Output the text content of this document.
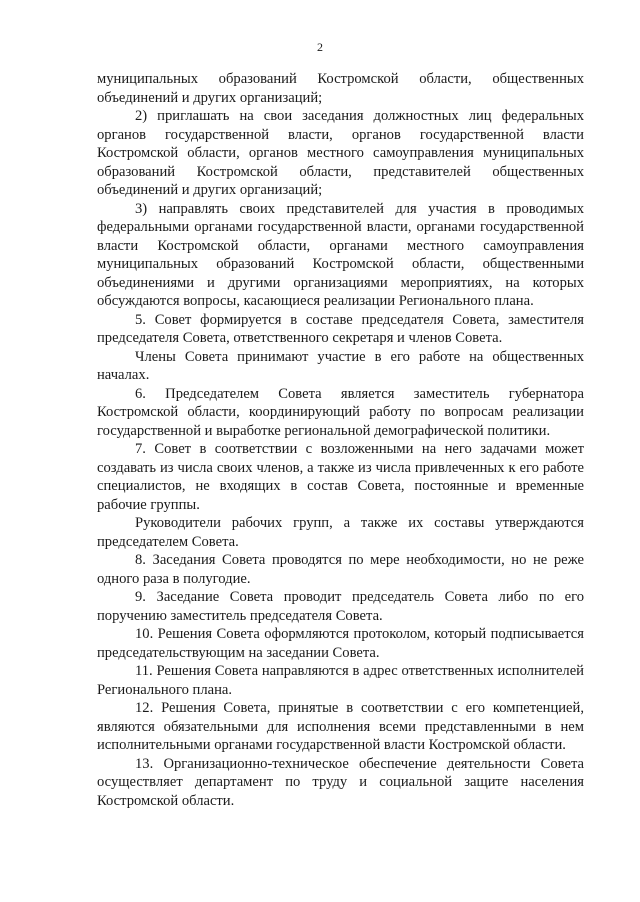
2

муниципальных образований Костромской области, общественных объединений и других организаций;

2) приглашать на свои заседания должностных лиц федеральных органов государственной власти, органов государственной власти Костромской области, органов местного самоуправления муниципальных образований Костромской области, представителей общественных объединений и других организаций;

3) направлять своих представителей для участия в проводимых федеральными органами государственной власти, органами государственной власти Костромской области, органами местного самоуправления муниципальных образований Костромской области, общественными объединениями и другими организациями мероприятиях, на которых обсуждаются вопросы, касающиеся реализации Регионального плана.

5. Совет формируется в составе председателя Совета, заместителя председателя Совета, ответственного секретаря и членов Совета.

Члены Совета принимают участие в его работе на общественных началах.

6. Председателем Совета является заместитель губернатора Костромской области, координирующий работу по вопросам реализации государственной и выработке региональной демографической политики.

7. Совет в соответствии с возложенными на него задачами может создавать из числа своих членов, а также из числа привлеченных к его работе специалистов, не входящих в состав Совета, постоянные и временные рабочие группы.

Руководители рабочих групп, а также их составы утверждаются председателем Совета.

8. Заседания Совета проводятся по мере необходимости, но не реже одного раза в полугодие.

9. Заседание Совета проводит председатель Совета либо по его поручению заместитель председателя Совета.

10. Решения Совета оформляются протоколом, который подписывается председательствующим на заседании Совета.

11. Решения Совета направляются в адрес ответственных исполнителей Регионального плана.

12. Решения Совета, принятые в соответствии с его компетенцией, являются обязательными для исполнения всеми представленными в нем исполнительными органами государственной власти Костромской области.

13. Организационно-техническое обеспечение деятельности Совета осуществляет департамент по труду и социальной защите населения Костромской области.
